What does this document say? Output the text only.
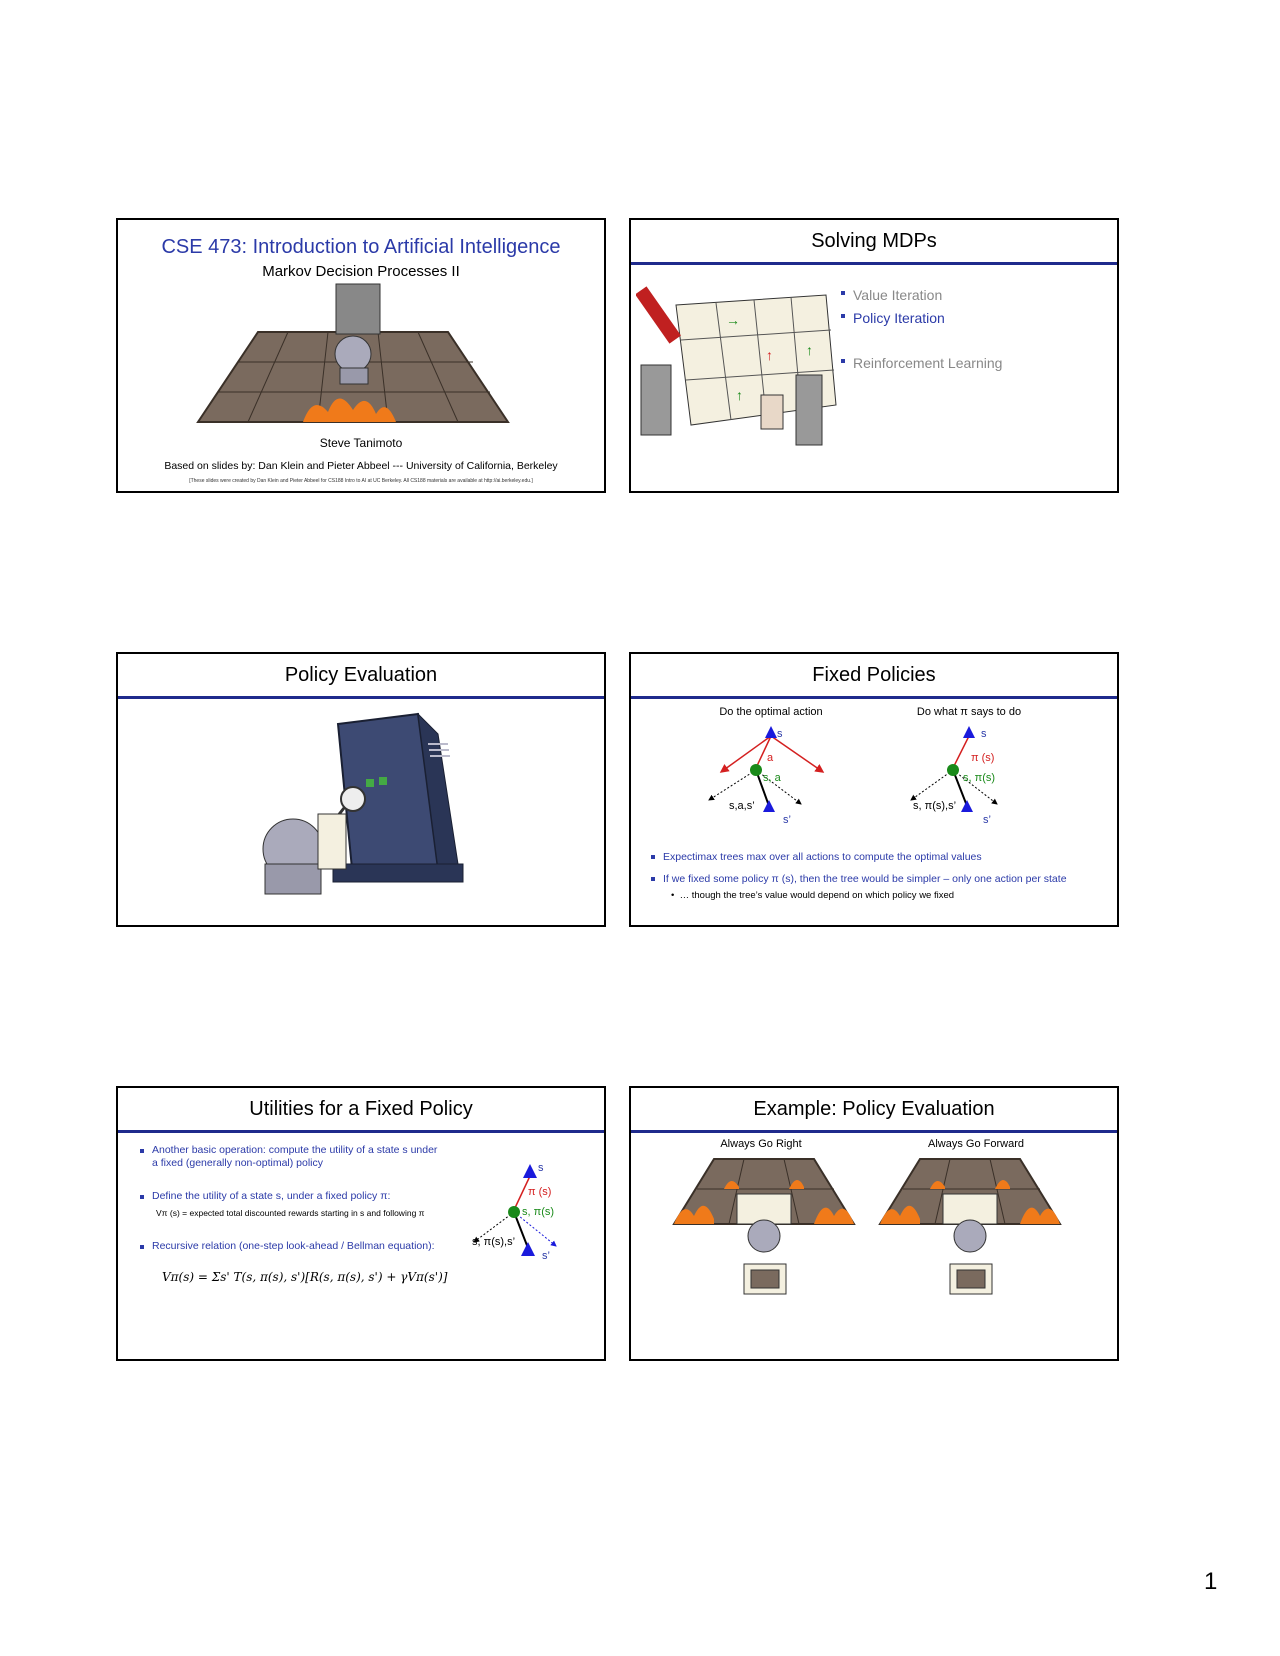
CSE 473: Introduction to Artificial Intelligence
Markov Decision Processes II
Steve Tanimoto
Based on slides by: Dan Klein and Pieter Abbeel --- University of California, Berkeley
[These slides were created by Dan Klein and Pieter Abbeel for CS188 Intro to AI at UC Berkeley. All CS188 materials are available at http://ai.berkeley.edu.]
Solving MDPs
→
↑ ↑
↑
Value Iteration
Policy Iteration
Reinforcement Learning
Policy Evaluation	Fixed Policies
Do the optimal action	Do what π says to do
s
a
s, a
s,a,s’
s’
s
π (s)
s, π(s)
s, π(s),s’
s’
Expectimax trees max over all actions to compute the optimal values
If we fixed some policy π (s), then the tree would be simpler – only one action per state
•  … though the tree’s value would depend on which policy we fixed
Utilities for a Fixed Policy
Another basic operation: compute the utility of a state s under a fixed (generally non-optimal) policy
Define the utility of a state s, under a fixed policy π:
Vπ (s) = expected total discounted rewards starting in s and following π
Recursive relation (one-step look-ahead / Bellman equation):
Vπ(s) = Σs' T(s, π(s), s')[R(s, π(s), s') + γVπ(s')]
s
π (s)
s, π(s)
s, π(s),s’
s’
Example: Policy Evaluation
Always Go Right	Always Go Forward
1
